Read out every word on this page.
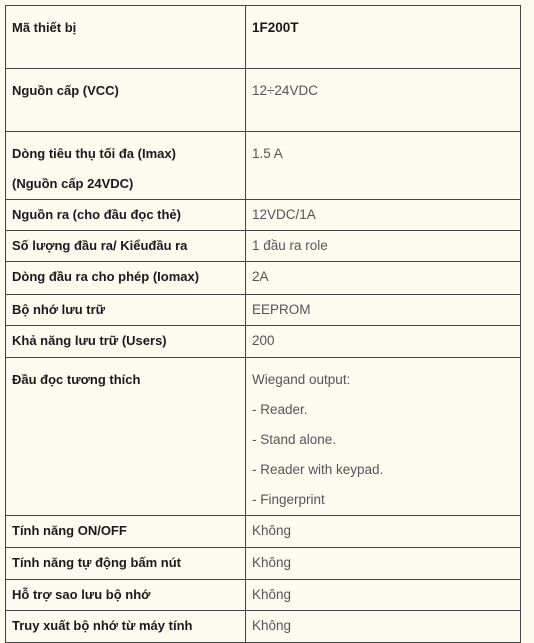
Mã thiết bị	1F200T

Nguồn cấp (VCC)	12÷24VDC

Dòng tiêu thụ tối đa (Imax)
(Nguồn cấp 24VDC)	1.5 A

Nguồn ra (cho đầu đọc thẻ)	12VDC/1A

Số lượng đầu ra/ Kiểuđầu ra	1 đầu ra role

Dòng đầu ra cho phép (Iomax)	2A

Bộ nhớ lưu trữ	EEPROM

Khả năng lưu trữ (Users)	200

Đầu đọc tương thích	Wiegand output:
- Reader.
- Stand alone.
- Reader with keypad.
- Fingerprint

Tính năng ON/OFF	Không

Tính năng tự động bấm nút	Không

Hỗ trợ sao lưu bộ nhớ	Không

Truy xuất bộ nhớ từ máy tính	Không
